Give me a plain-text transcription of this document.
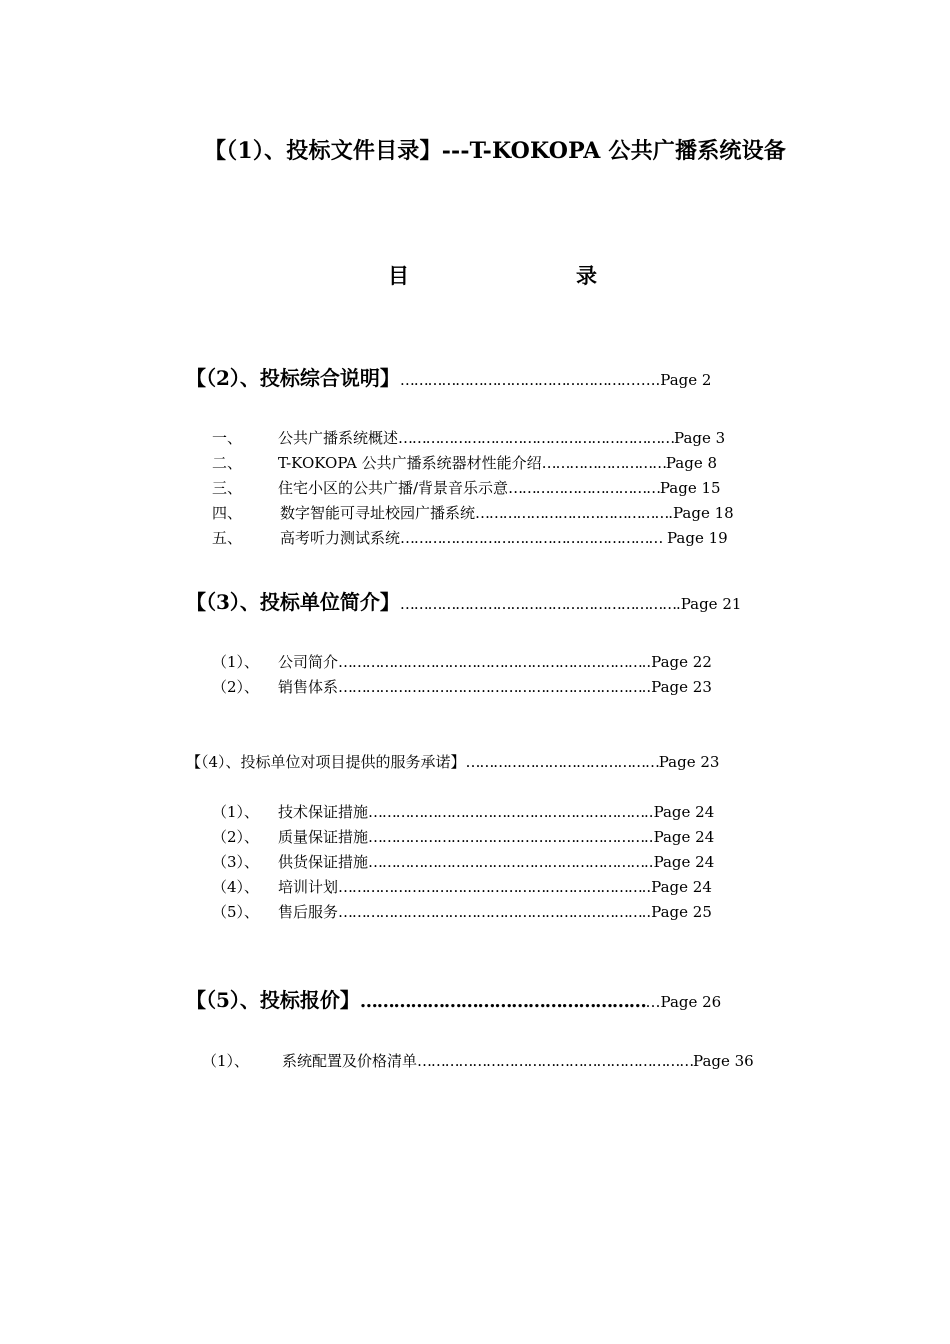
【（1）、投标文件目录】---T-KOKOPA 公共广播系统设备
目	录
【（2）、投标综合说明】………………………………………………..Page 2
一、 公共广播系统概述……………………………………………………Page 3
二、 T-KOKOPA 公共广播系统器材性能介绍………………………Page 8
三、 住宅小区的公共广播/背景音乐示意……………………………Page 15
四、	数字智能可寻址校园广播系统…………………………………….Page 18
五、	高考听力测试系统………………………………………………… Page 19
【（3）、投标单位简介】…………………………………………………….Page 21
（1）、 公司简介…………………………………………………………..Page 22
（2）、 销售体系…………………………………………………………..Page 23
【（4）、投标单位对项目提供的服务承诺】……………………………………Page 23
（1）、 技术保证措施……………………………………………………..Page 24
（2）、 质量保证措施……………………………………………………..Page 24
（3）、 供货保证措施……………………………………………………..Page 24
（4）、 培训计划…………………………………………………………..Page 24
（5）、 售后服务…………………………………………………………..Page 25
【（5）、投标报价】………………………………………………Page 26
（1）、 系统配置及价格清单……………………………………………………Page 36
